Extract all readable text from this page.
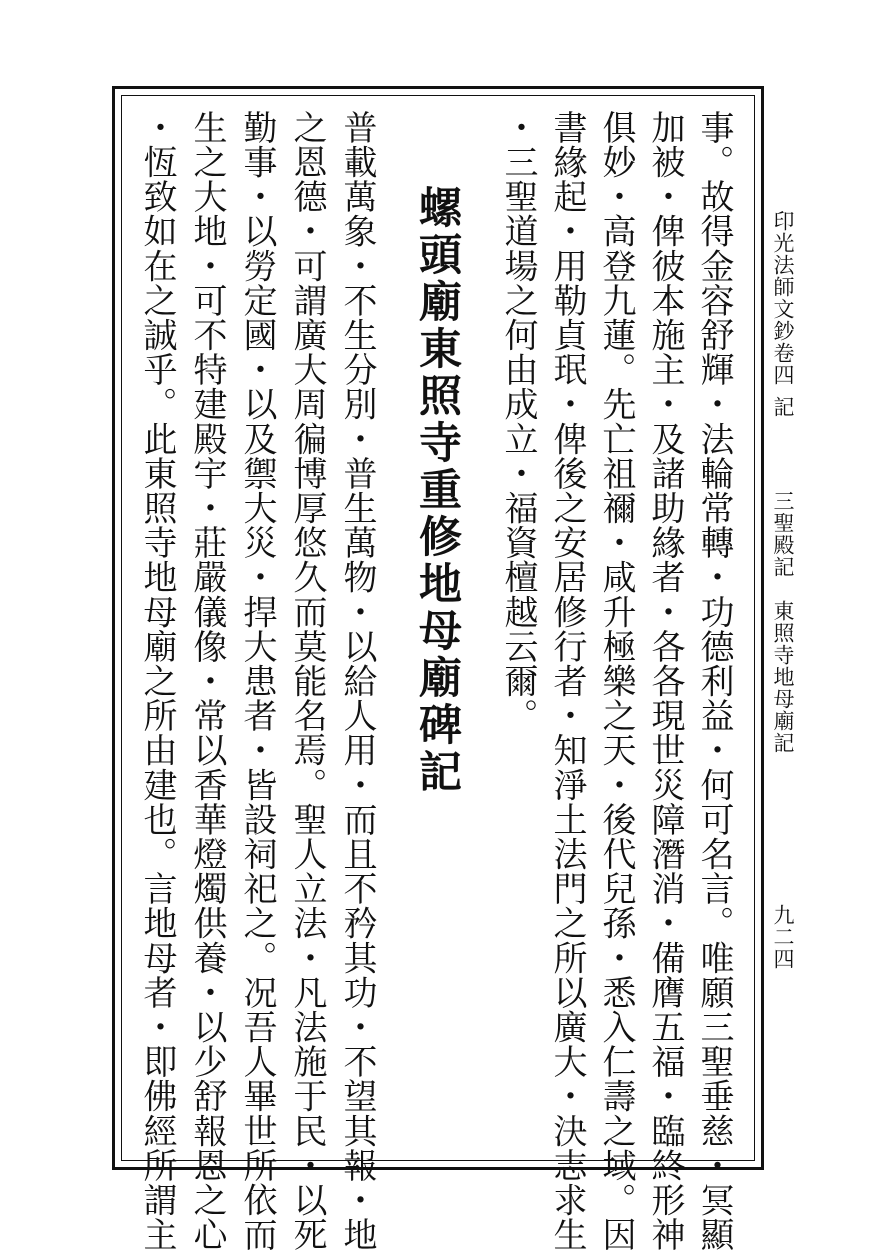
印光法師文鈔卷四
記
三聖殿記　東照寺地母廟記
九二四
事。故得金容舒輝・法輪常轉・功德利益・何可名言。唯願三聖垂慈・冥顯
加被・俾彼本施主・及諸助緣者・各各現世災障潛消・備膺五福・臨終形神
俱妙・高登九蓮。先亡祖禰・咸升極樂之天・後代兒孫・悉入仁壽之域。因
書緣起・用勒貞珉・俾後之安居修行者・知淨土法門之所以廣大・決志求生
・三聖道場之何由成立・福資檀越云爾。
螺頭廟東照寺重修地母廟碑記
普載萬象・不生分別・普生萬物・以給人用・而且不矜其功・不望其報・地
之恩德・可謂廣大周徧博厚悠久而莫能名焉。聖人立法・凡法施于民・以死
勤事・以勞定國・以及禦大災・捍大患者・皆設祠祀之。况吾人畢世所依而
生之大地・可不特建殿宇・莊嚴儀像・常以香華燈燭供養・以少舒報恩之心
・恆致如在之誠乎。此東照寺地母廟之所由建也。言地母者・即佛經所謂主
